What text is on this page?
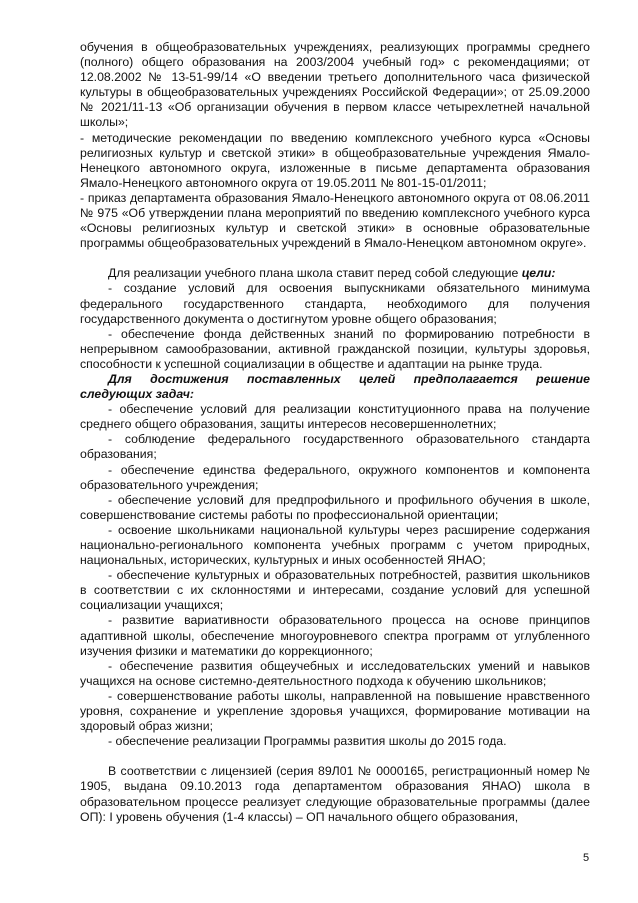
обучения в общеобразовательных учреждениях, реализующих программы среднего (полного) общего образования на 2003/2004 учебный год» с рекомендациями; от 12.08.2002 № 13-51-99/14 «О введении третьего дополнительного часа физической культуры в общеобразовательных учреждениях Российской Федерации»; от 25.09.2000 № 2021/11-13 «Об организации обучения в первом классе четырехлетней начальной школы»;

- методические рекомендации по введению комплексного учебного курса «Основы религиозных культур и светской этики» в общеобразовательные учреждения Ямало-Ненецкого автономного округа, изложенные в письме департамента образования Ямало-Ненецкого автономного округа от 19.05.2011 № 801-15-01/2011;

- приказ департамента образования Ямало-Ненецкого автономного округа от 08.06.2011 № 975 «Об утверждении плана мероприятий по введению комплексного учебного курса «Основы религиозных культур и светской этики» в основные образовательные программы общеобразовательных учреждений в Ямало-Ненецком автономном округе».

Для реализации учебного плана школа ставит перед собой следующие цели:

- создание условий для освоения выпускниками обязательного минимума федерального государственного стандарта, необходимого для получения государственного документа о достигнутом уровне общего образования;

- обеспечение фонда действенных знаний по формированию потребности в непрерывном самообразовании, активной гражданской позиции, культуры здоровья, способности к успешной социализации в обществе и адаптации на рынке труда.

Для достижения поставленных целей предполагается решение следующих задач:

- обеспечение условий для реализации конституционного права на получение среднего общего образования, защиты интересов несовершеннолетних;

- соблюдение федерального государственного образовательного стандарта образования;

- обеспечение единства федерального, окружного компонентов и компонента образовательного учреждения;

- обеспечение условий для предпрофильного и профильного обучения в школе, совершенствование системы работы по профессиональной ориентации;

- освоение школьниками национальной культуры через расширение содержания национально-регионального компонента учебных программ с учетом природных, национальных, исторических, культурных и иных особенностей ЯНАО;

- обеспечение культурных и образовательных потребностей, развития школьников в соответствии с их склонностями и интересами, создание условий для успешной социализации учащихся;

- развитие вариативности образовательного процесса на основе принципов адаптивной школы, обеспечение многоуровневого спектра программ от углубленного изучения физики и математики до коррекционного;

- обеспечение развития общеучебных и исследовательских умений и навыков учащихся на основе системно-деятельностного подхода к обучению школьников;

- совершенствование работы школы, направленной на повышение нравственного уровня, сохранение и укрепление здоровья учащихся, формирование мотивации на здоровый образ жизни;

- обеспечение реализации Программы развития школы до 2015 года.

В соответствии с лицензией (серия 89Л01 № 0000165, регистрационный номер № 1905, выдана 09.10.2013 года департаментом образования ЯНАО) школа в образовательном процессе реализует следующие образовательные программы (далее ОП): I уровень обучения (1-4 классы) – ОП начального общего образования,

5
